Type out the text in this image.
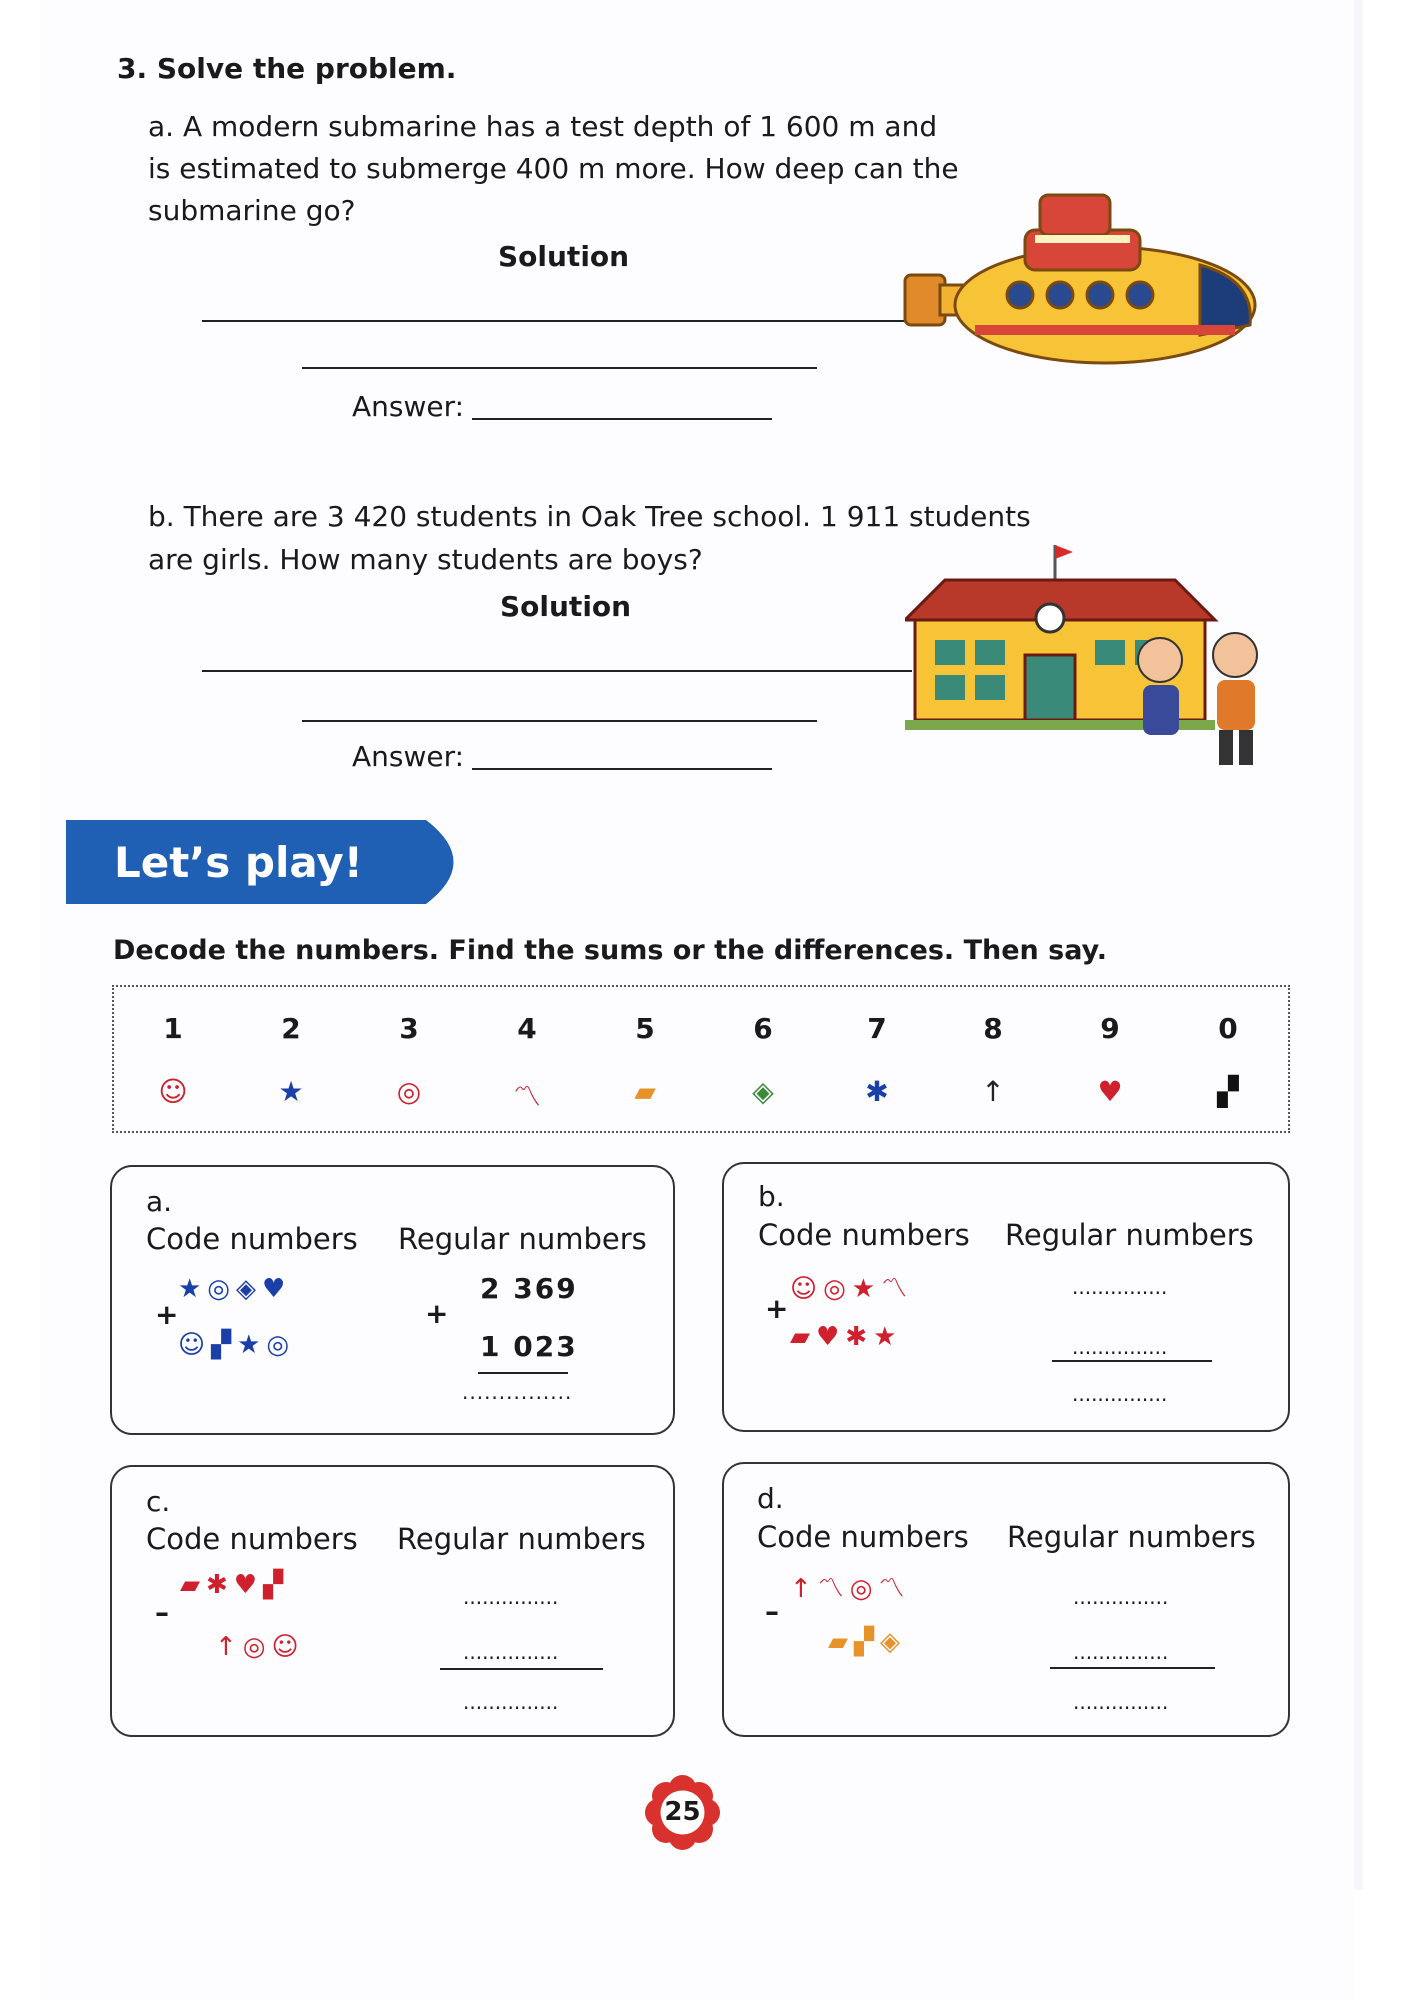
3. Solve the problem.
a. A modern submarine has a test depth of 1 600 m and
is estimated to submerge 400 m more. How deep can the
submarine go?
Solution
Answer:
b. There are 3 420 students in Oak Tree school. 1 911 students
are girls. How many students are boys?
Solution
Answer:
Let’s play!
Decode the numbers. Find the sums or the differences. Then say.
1	2	3	4	5	6	7	8	9	0
☺	★	◎	〽	▰	◈	✱	↑	♥	▞
a.
Code numbers Regular numbers
★◎◈♥
+
☺▞★◎
2 369
+
1 023
...............
b.
Code numbers Regular numbers
☺◎★〽
+
▰♥✱★
...............
...............
...............
c.
Code numbers Regular numbers
▰✱♥▞
–
↑◎☺
...............
...............
...............
d.
Code numbers Regular numbers
↑〽◎〽
–
▰▞◈
...............
...............
...............
25
